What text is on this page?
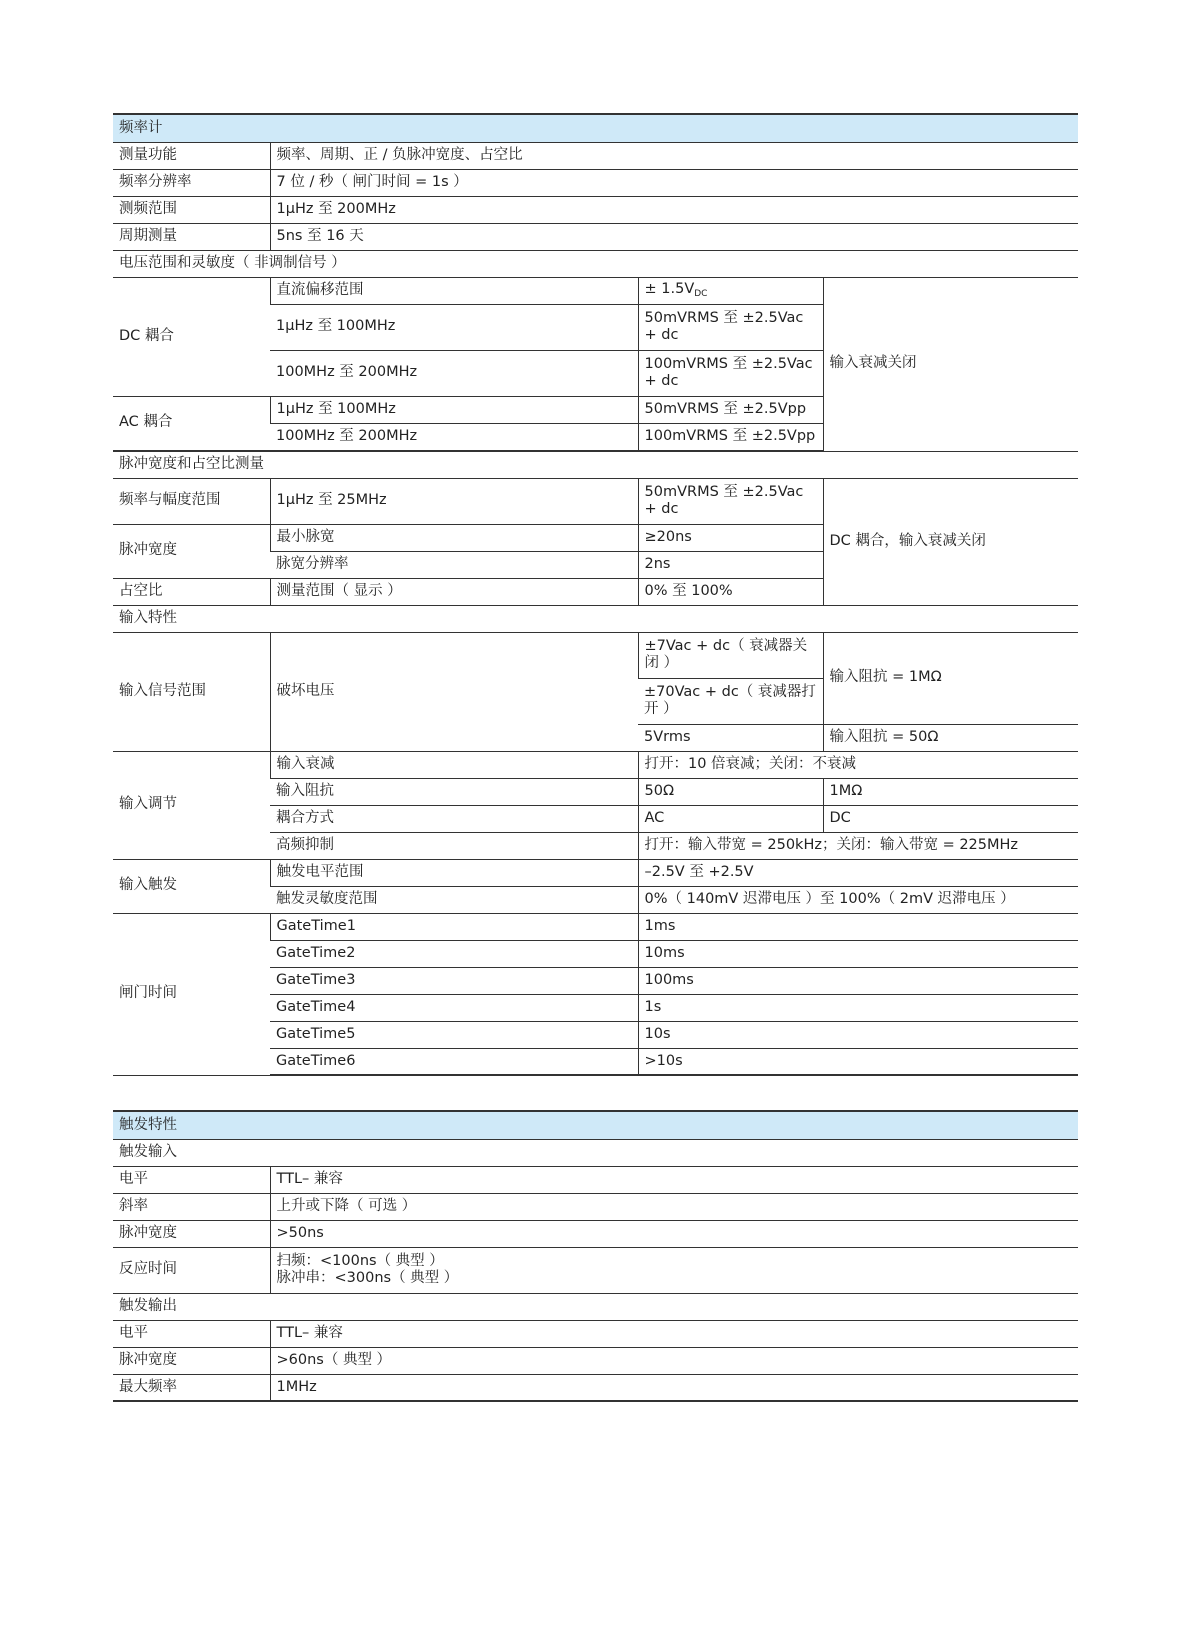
频率计			
测量功能	频率、周期、正 / 负脉冲宽度、占空比		
频率分辨率	7 位 / 秒（ 闸门时间 = 1s ）		
测频范围	1μHz 至 200MHz		
周期测量	5ns 至 16 天		
电压范围和灵敏度（ 非调制信号 ）			
DC 耦合	直流偏移范围	± $1.5V_{DC}$	输入衰减关闭
	1μHz 至 100MHz	50mVRMS 至 ±2.5Vac + dc	
	100MHz 至 200MHz	100mVRMS 至 ±2.5Vac + dc	
AC 耦合	1μHz 至 100MHz	50mVRMS 至 ±2.5Vpp	
	100MHz 至 200MHz	100mVRMS 至 ±2.5Vpp	

脉冲宽度和占空比测量			
频率与幅度范围	1μHz 至 25MHz	50mVRMS 至 ±2.5Vac + dc	DC 耦合，输入衰减关闭
脉冲宽度	最小脉宽	≥20ns	
	脉宽分辨率	2ns	
占空比	测量范围（ 显示 ）	0% 至 100%	
输入特性			
输入信号范围	破坏电压	±7Vac + dc（ 衰减器关闭 ）	输入阻抗 = 1MΩ
		±70Vac + dc（ 衰减器打开 ）	
		5Vrms	输入阻抗 = 50Ω
输入调节	输入衰减	打开：10 倍衰减；关闭：不衰减	
	输入阻抗	50Ω	1MΩ
	耦合方式	AC	DC
	高频抑制	打开：输入带宽 = 250kHz；关闭：输入带宽 = 225MHz	
输入触发	触发电平范围	–2.5V 至 +2.5V	
	触发灵敏度范围	0%（ 140mV 迟滞电压 ）至 100%（ 2mV 迟滞电压 ）	
闸门时间	GateTime1	1ms	
	GateTime2	10ms	
	GateTime3	100ms	
	GateTime4	1s	
	GateTime5	10s	
	GateTime6	>10s	
触发特性	
触发输入	
电平	TTL– 兼容
斜率	上升或下降（ 可选 ）
脉冲宽度	>50ns
反应时间	扫频：<100ns（ 典型 ）
脉冲串：<300ns（ 典型 ）

触发输出	
电平	TTL– 兼容
脉冲宽度	>60ns（ 典型 ）
最大频率	1MHz
